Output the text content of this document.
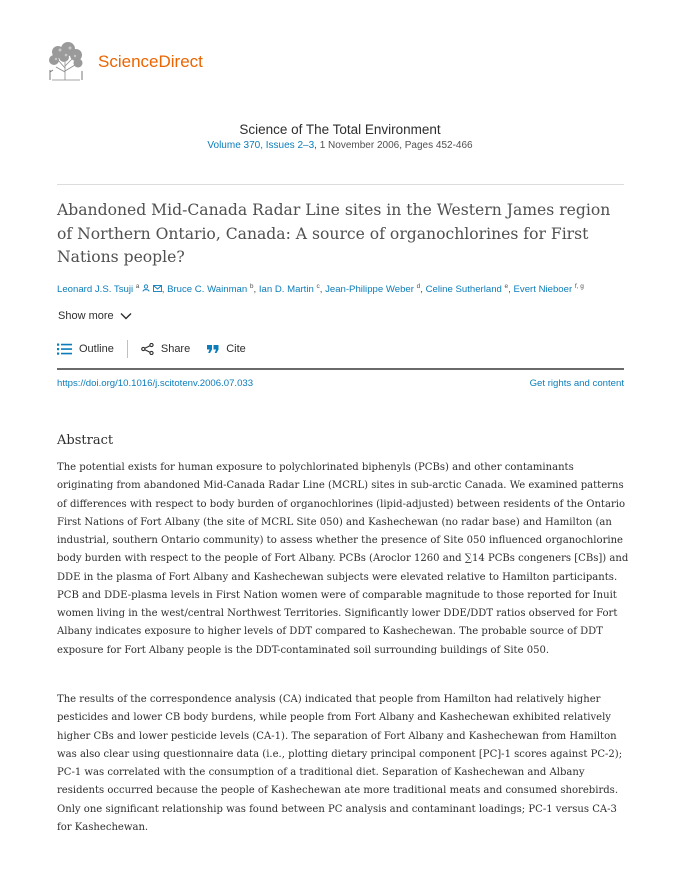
ScienceDirect
Science of The Total Environment
Volume 370, Issues 2–3, 1 November 2006, Pages 452-466
Abandoned Mid-Canada Radar Line sites in the Western James region of Northern Ontario, Canada: A source of organochlorines for First Nations people?
Leonard J.S. Tsuji $^a$ , Bruce C. Wainman $^b$, Ian D. Martin $^c$, Jean-Philippe Weber $^d$, Celine Sutherland $^e$, Evert Nieboer $^{f, g}$
Show more
Outline	Share	Cite
https://doi.org/10.1016/j.scitotenv.2006.07.033	Get rights and content
Abstract

The potential exists for human exposure to polychlorinated biphenyls (PCBs) and other contaminants originating from abandoned Mid-Canada Radar Line (MCRL) sites in sub-arctic Canada. We examined patterns of differences with respect to body burden of organochlorines (lipid-adjusted) between residents of the Ontario First Nations of Fort Albany (the site of MCRL Site 050) and Kashechewan (no radar base) and Hamilton (an industrial, southern Ontario community) to assess whether the presence of Site 050 influenced organochlorine body burden with respect to the people of Fort Albany. PCBs (Aroclor 1260 and ∑14 PCBs congeners [CBs]) and DDE in the plasma of Fort Albany and Kashechewan subjects were elevated relative to Hamilton participants. PCB and DDE-plasma levels in First Nation women were of comparable magnitude to those reported for Inuit women living in the west/central Northwest Territories. Significantly lower DDE/DDT ratios observed for Fort Albany indicates exposure to higher levels of DDT compared to Kashechewan. The probable source of DDT exposure for Fort Albany people is the DDT-contaminated soil surrounding buildings of Site 050.

The results of the correspondence analysis (CA) indicated that people from Hamilton had relatively higher pesticides and lower CB body burdens, while people from Fort Albany and Kashechewan exhibited relatively higher CBs and lower pesticide levels (CA-1). The separation of Fort Albany and Kashechewan from Hamilton was also clear using questionnaire data (i.e., plotting dietary principal component [PC]-1 scores against PC-2); PC-1 was correlated with the consumption of a traditional diet. Separation of Kashechewan and Albany residents occurred because the people of Kashechewan ate more traditional meats and consumed shorebirds. Only one significant relationship was found between PC analysis and contaminant loadings; PC-1 versus CA-3 for Kashechewan.
